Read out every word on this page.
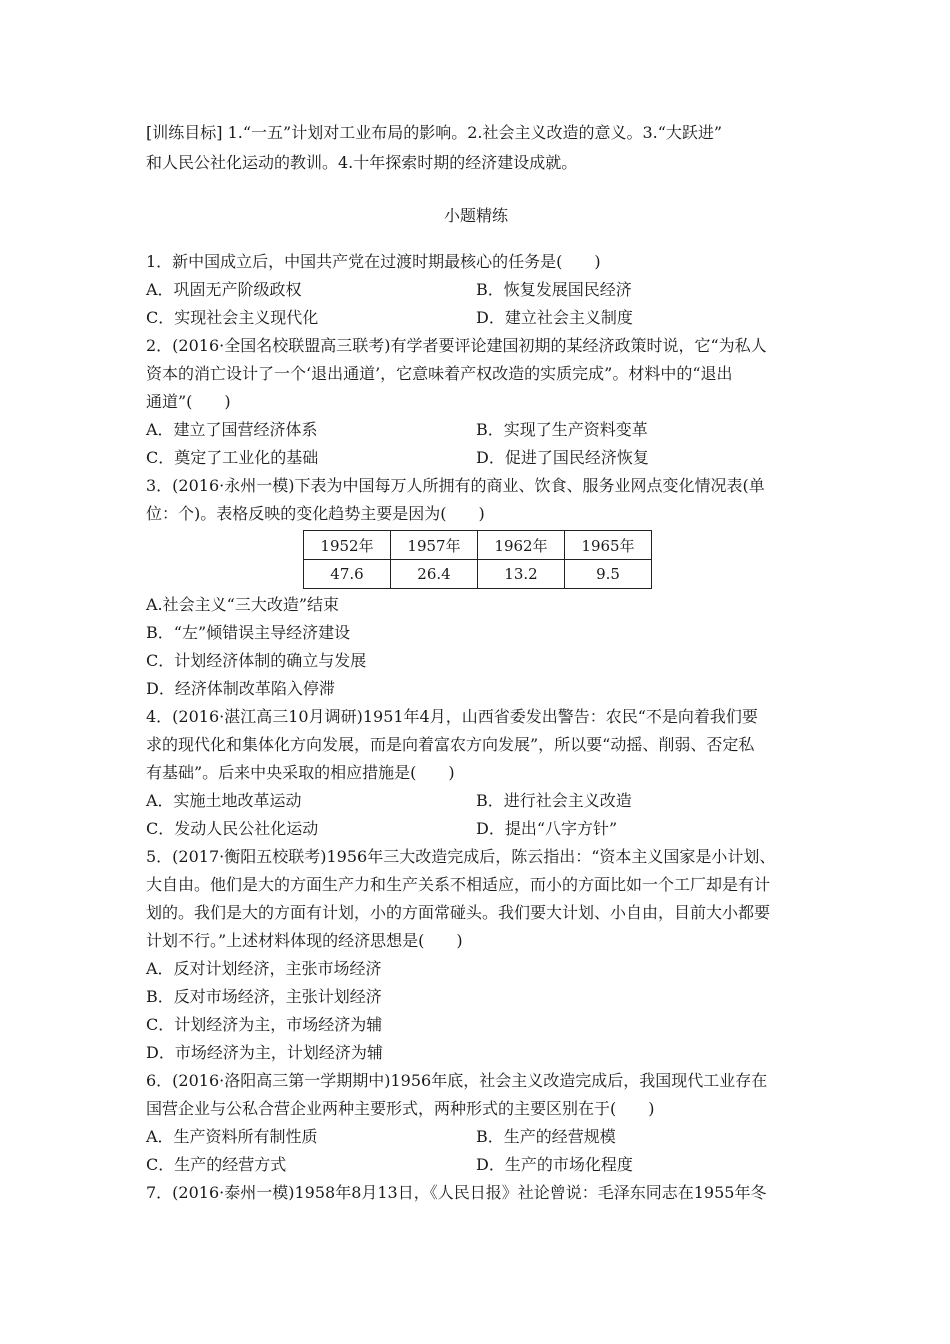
[训练目标] 1.“一五”计划对工业布局的影响。2.社会主义改造的意义。3.“大跃进”
和人民公社化运动的教训。4.十年探索时期的经济建设成就。
小题精练
1．新中国成立后，中国共产党在过渡时期最核心的任务是(　　)
A．巩固无产阶级政权	B．恢复发展国民经济
C．实现社会主义现代化	D．建立社会主义制度
2．(2016·全国名校联盟高三联考)有学者要评论建国初期的某经济政策时说，它“为私人
资本的消亡设计了一个‘退出通道’，它意味着产权改造的实质完成”。材料中的“退出
通道”(　　)
A．建立了国营经济体系	B．实现了生产资料变革
C．奠定了工业化的基础	D．促进了国民经济恢复
3．(2016·永州一模)下表为中国每万人所拥有的商业、饮食、服务业网点变化情况表(单
位：个)。表格反映的变化趋势主要是因为(　　)
1952年	1957年	1962年	1965年
47.6	26.4	13.2	9.5
A.社会主义“三大改造”结束
B．“左”倾错误主导经济建设
C．计划经济体制的确立与发展
D．经济体制改革陷入停滞
4．(2016·湛江高三10月调研)1951年4月，山西省委发出警告：农民“不是向着我们要
求的现代化和集体化方向发展，而是向着富农方向发展”，所以要“动摇、削弱、否定私
有基础”。后来中央采取的相应措施是(　　)
A．实施土地改革运动	B．进行社会主义改造
C．发动人民公社化运动	D．提出“八字方针”
5．(2017·衡阳五校联考)1956年三大改造完成后，陈云指出：“资本主义国家是小计划、
大自由。他们是大的方面生产力和生产关系不相适应，而小的方面比如一个工厂却是有计
划的。我们是大的方面有计划，小的方面常碰头。我们要大计划、小自由，目前大小都要
计划不行。”上述材料体现的经济思想是(　　)
A．反对计划经济，主张市场经济
B．反对市场经济，主张计划经济
C．计划经济为主，市场经济为辅
D．市场经济为主，计划经济为辅
6．(2016·洛阳高三第一学期期中)1956年底，社会主义改造完成后，我国现代工业存在
国营企业与公私合营企业两种主要形式，两种形式的主要区别在于(　　)
A．生产资料所有制性质	B．生产的经营规模
C．生产的经营方式	D．生产的市场化程度
7．(2016·泰州一模)1958年8月13日，《人民日报》社论曾说：毛泽东同志在1955年冬
